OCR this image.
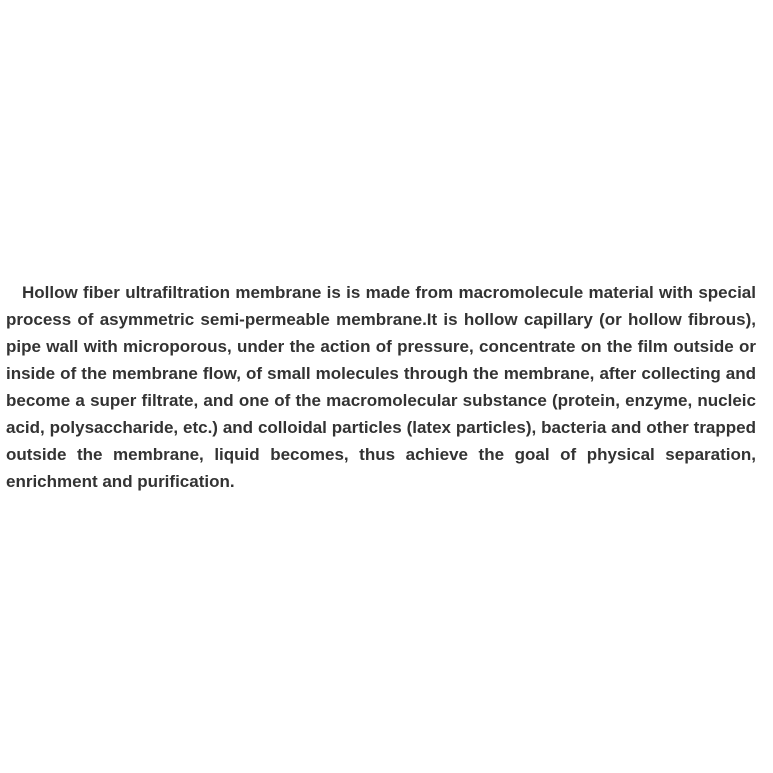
Hollow fiber ultrafiltration membrane is is made from macromolecule material with special process of asymmetric semi-permeable membrane.It is hollow capillary (or hollow fibrous), pipe wall with microporous, under the action of pressure, concentrate on the film outside or inside of the membrane flow, of small molecules through the membrane, after collecting and become a super filtrate, and one of the macromolecular substance (protein, enzyme, nucleic acid, polysaccharide, etc.) and colloidal particles (latex particles), bacteria and other trapped outside the membrane, liquid becomes, thus achieve the goal of physical separation, enrichment and purification.
